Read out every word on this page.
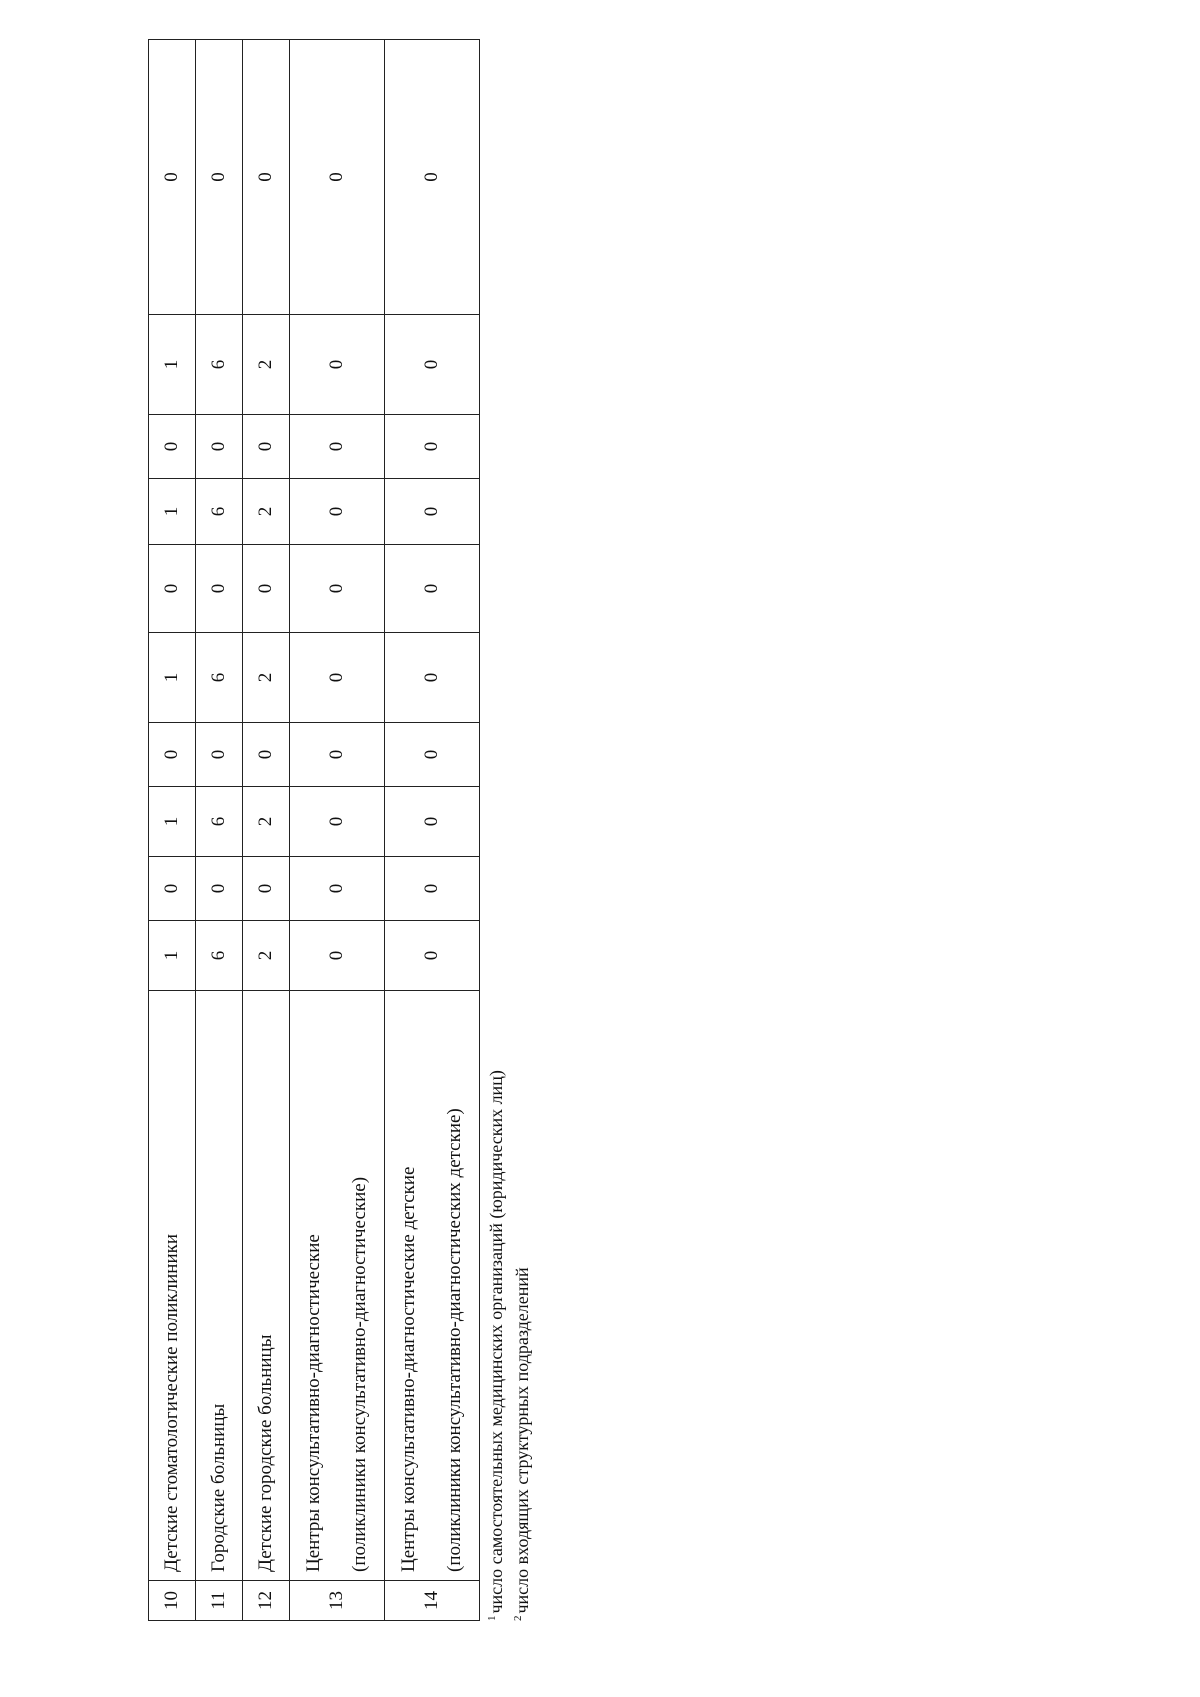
10	Детские стоматологические поликлиники	1	0	1	0	1	0	1	0	1	0
11	Городские больницы	6	0	6	0	6	0	6	0	6	0
12	Детские городские больницы	2	0	2	0	2	0	2	0	2	0
13	Центры консультативно-диагностические (поликлиники консультативно-диагностические)	0	0	0	0	0	0	0	0	0	0
14	Центры консультативно-диагностические детские (поликлиники консультативно-диагностических детские)	0	0	0	0	0	0	0	0	0	0
$^1$число самостоятельных медицинских организаций (юридических лиц)
$^2$число входящих структурных подразделений
